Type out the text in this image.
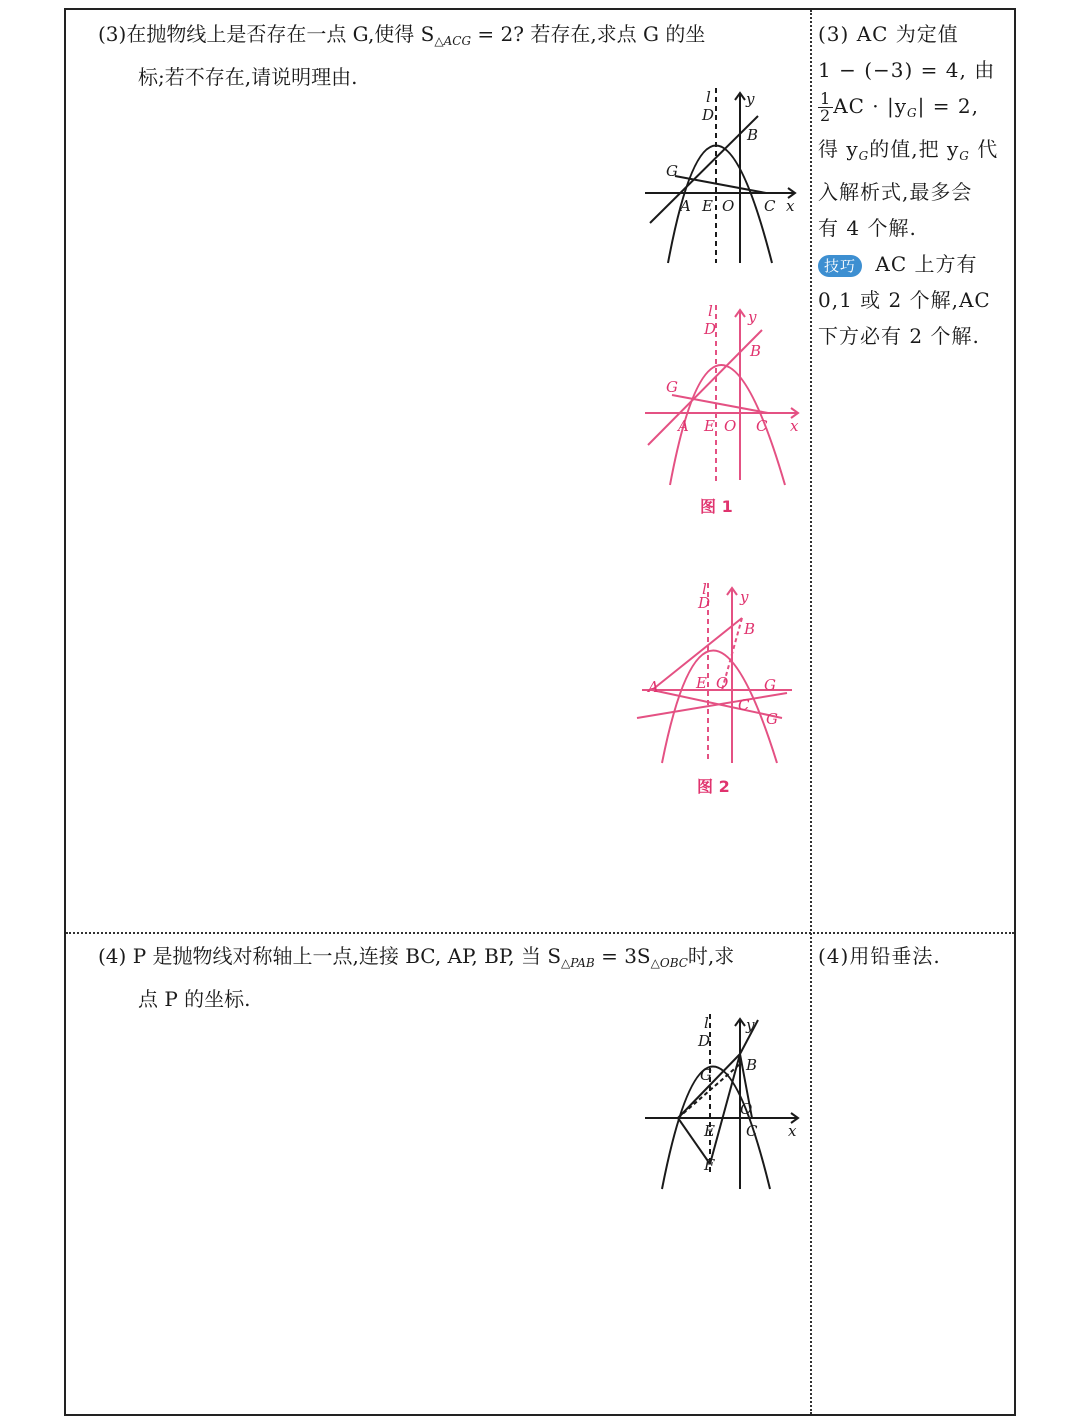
(3)在抛物线上是否存在一点 G,使得 $S_{\triangle ACG} = 2$? 若存在,求点 G 的坐
标;若不存在,请说明理由.
(3) AC 为定值
1 − (−3) = 4, 由
$\frac{1}{2}$ AC · $|y_G| = 2$,
得 $y_G$的值,把 $y_G$ 代
入解析式,最多会
有 4 个解.
技巧 AC 上方有
0,1 或 2 个解,AC
下方必有 2 个解.
(4) P 是抛物线对称轴上一点,连接 BC, AP, BP, 当 $S_{\triangle PAB} = 3S_{\triangle OBC}$时,求
点 P 的坐标.
(4)用铅垂法.
D
B
G
A E O C x
y
l
D
B
G
A E O C x
y
l
图 1
D
B
A E O
C
G
G
y
l
图 2
D
B
G
E
O
C x
y
l
F
